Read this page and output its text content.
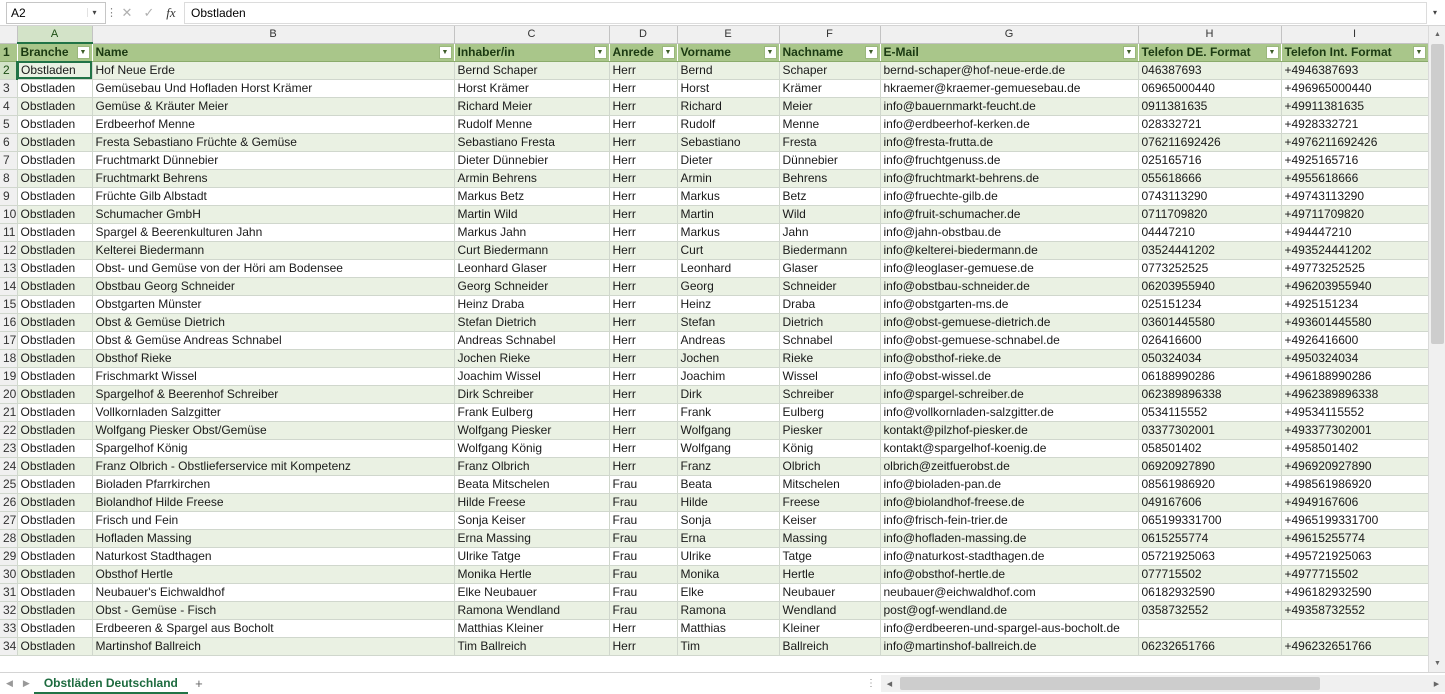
A2	▾ ⋮ ✕ ✓ fx	Obstladen	▾
	A	B	C	D	E	F	G	H	I
1	Branche ▼	Name ▼	Inhaber/in ▼	Anrede ▼	Vorname ▼	Nachname ▼	E-Mail ▼	Telefon DE. Format ▼	Telefon Int. Format ▼

2	Obstladen	Hof Neue Erde	Bernd Schaper	Herr	Bernd	Schaper	bernd-schaper@hof-neue-erde.de	046387693	+4946387693
3	Obstladen	Gemüsebau Und Hofladen Horst Krämer	Horst Krämer	Herr	Horst	Krämer	hkraemer@kraemer-gemuesebau.de	06965000440	+496965000440
4	Obstladen	Gemüse & Kräuter Meier	Richard Meier	Herr	Richard	Meier	info@bauernmarkt-feucht.de	0911381635	+49911381635
5	Obstladen	Erdbeerhof Menne	Rudolf Menne	Herr	Rudolf	Menne	info@erdbeerhof-kerken.de	028332721	+4928332721
6	Obstladen	Fresta Sebastiano Früchte & Gemüse	Sebastiano Fresta	Herr	Sebastiano	Fresta	info@fresta-frutta.de	076211692426	+4976211692426
7	Obstladen	Fruchtmarkt Dünnebier	Dieter Dünnebier	Herr	Dieter	Dünnebier	info@fruchtgenuss.de	025165716	+4925165716
8	Obstladen	Fruchtmarkt Behrens	Armin Behrens	Herr	Armin	Behrens	info@fruchtmarkt-behrens.de	055618666	+4955618666
9	Obstladen	Früchte Gilb Albstadt	Markus Betz	Herr	Markus	Betz	info@fruechte-gilb.de	0743113290	+49743113290
10	Obstladen	Schumacher GmbH	Martin Wild	Herr	Martin	Wild	info@fruit-schumacher.de	0711709820	+49711709820
11	Obstladen	Spargel & Beerenkulturen Jahn	Markus Jahn	Herr	Markus	Jahn	info@jahn-obstbau.de	04447210	+494447210
12	Obstladen	Kelterei Biedermann	Curt Biedermann	Herr	Curt	Biedermann	info@kelterei-biedermann.de	03524441202	+493524441202
13	Obstladen	Obst- und Gemüse von der Höri am Bodensee	Leonhard Glaser	Herr	Leonhard	Glaser	info@leoglaser-gemuese.de	0773252525	+49773252525
14	Obstladen	Obstbau Georg Schneider	Georg Schneider	Herr	Georg	Schneider	info@obstbau-schneider.de	06203955940	+496203955940
15	Obstladen	Obstgarten Münster	Heinz Draba	Herr	Heinz	Draba	info@obstgarten-ms.de	025151234	+4925151234
16	Obstladen	Obst & Gemüse Dietrich	Stefan Dietrich	Herr	Stefan	Dietrich	info@obst-gemuese-dietrich.de	03601445580	+493601445580
17	Obstladen	Obst & Gemüse Andreas Schnabel	Andreas Schnabel	Herr	Andreas	Schnabel	info@obst-gemuese-schnabel.de	026416600	+4926416600
18	Obstladen	Obsthof Rieke	Jochen Rieke	Herr	Jochen	Rieke	info@obsthof-rieke.de	050324034	+4950324034
19	Obstladen	Frischmarkt Wissel	Joachim Wissel	Herr	Joachim	Wissel	info@obst-wissel.de	06188990286	+496188990286
20	Obstladen	Spargelhof & Beerenhof Schreiber	Dirk Schreiber	Herr	Dirk	Schreiber	info@spargel-schreiber.de	062389896338	+4962389896338
21	Obstladen	Vollkornladen Salzgitter	Frank Eulberg	Herr	Frank	Eulberg	info@vollkornladen-salzgitter.de	0534115552	+49534115552
22	Obstladen	Wolfgang Piesker Obst/Gemüse	Wolfgang Piesker	Herr	Wolfgang	Piesker	kontakt@pilzhof-piesker.de	03377302001	+493377302001
23	Obstladen	Spargelhof König	Wolfgang König	Herr	Wolfgang	König	kontakt@spargelhof-koenig.de	058501402	+4958501402
24	Obstladen	Franz Olbrich - Obstlieferservice mit Kompetenz	Franz Olbrich	Herr	Franz	Olbrich	olbrich@zeitfuerobst.de	06920927890	+496920927890
25	Obstladen	Bioladen Pfarrkirchen	Beata Mitschelen	Frau	Beata	Mitschelen	info@bioladen-pan.de	08561986920	+498561986920
26	Obstladen	Biolandhof Hilde Freese	Hilde Freese	Frau	Hilde	Freese	info@biolandhof-freese.de	049167606	+4949167606
27	Obstladen	Frisch und Fein	Sonja Keiser	Frau	Sonja	Keiser	info@frisch-fein-trier.de	065199331700	+4965199331700
28	Obstladen	Hofladen Massing	Erna Massing	Frau	Erna	Massing	info@hofladen-massing.de	0615255774	+49615255774
29	Obstladen	Naturkost Stadthagen	Ulrike Tatge	Frau	Ulrike	Tatge	info@naturkost-stadthagen.de	05721925063	+495721925063
30	Obstladen	Obsthof Hertle	Monika Hertle	Frau	Monika	Hertle	info@obsthof-hertle.de	077715502	+4977715502
31	Obstladen	Neubauer's Eichwaldhof	Elke Neubauer	Frau	Elke	Neubauer	neubauer@eichwaldhof.com	06182932590	+496182932590
32	Obstladen	Obst - Gemüse - Fisch	Ramona Wendland	Frau	Ramona	Wendland	post@ogf-wendland.de	0358732552	+49358732552
33	Obstladen	Erdbeeren & Spargel aus Bocholt	Matthias Kleiner	Herr	Matthias	Kleiner	info@erdbeeren-und-spargel-aus-bocholt.de		
34	Obstladen	Martinshof Ballreich	Tim Ballreich	Herr	Tim	Ballreich	info@martinshof-ballreich.de	06232651766	+496232651766
▲
▼
◀ ▶	Obstläden Deutschland	+	⋮	◀	▶
